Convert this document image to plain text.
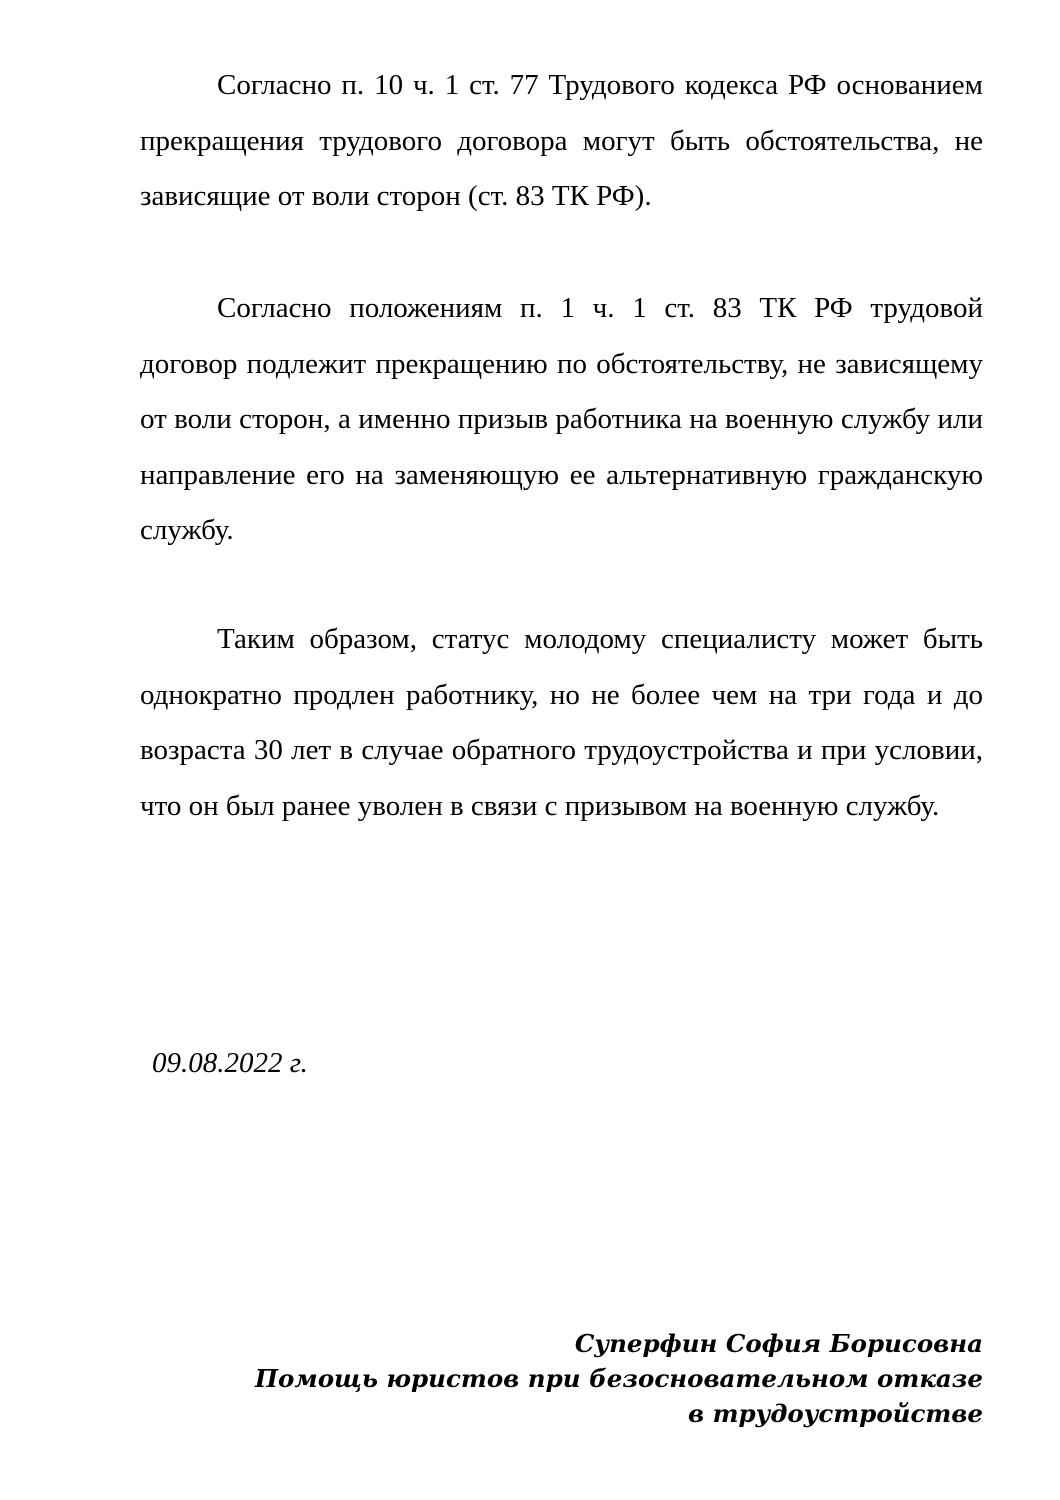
Согласно п. 10 ч. 1 ст. 77 Трудового кодекса РФ основанием прекращения трудового договора могут быть обстоятельства, не зависящие от воли сторон (ст. 83 ТК РФ).

Согласно положениям п. 1 ч. 1 ст. 83 ТК РФ трудовой договор подлежит прекращению по обстоятельству, не зависящему от воли сторон, а именно призыв работника на военную службу или направление его на заменяющую ее альтернативную гражданскую службу.

Таким образом, статус молодому специалисту может быть однократно продлен работнику, но не более чем на три года и до возраста 30 лет в случае обратного трудоустройства и при условии, что он был ранее уволен в связи с призывом на военную службу.

09.08.2022 г.

Суперфин София Борисовна
Помощь юристов при безосновательном отказе
в трудоустройстве
